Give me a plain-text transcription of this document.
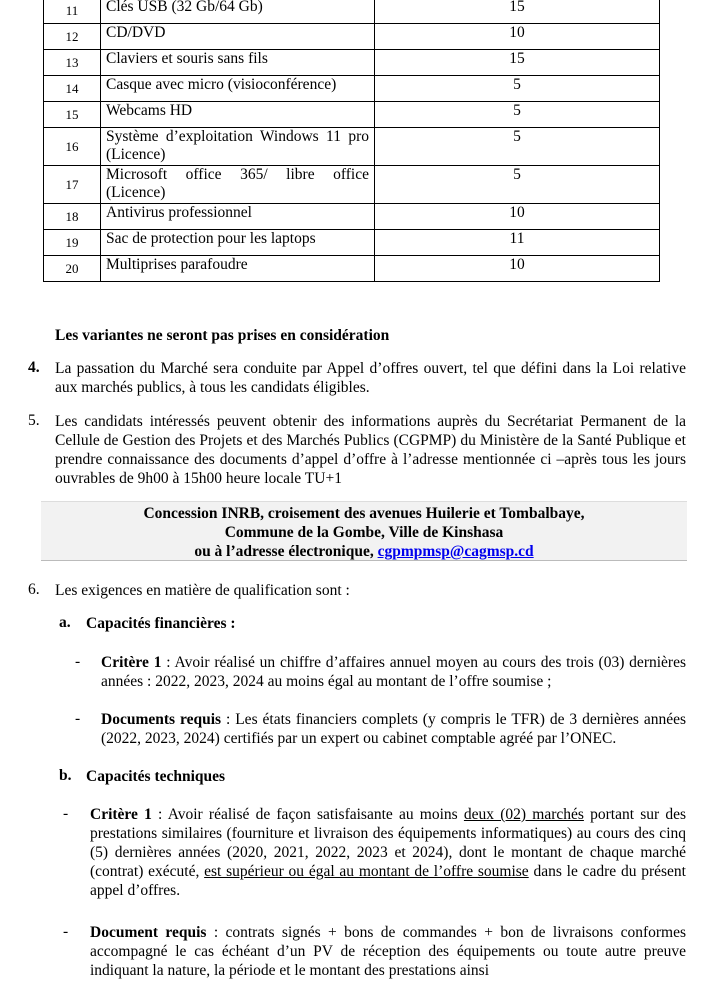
11	Clés USB (32 Gb/64 Gb)	15
12	CD/DVD	10
13	Claviers et souris sans fils	15
14	Casque avec micro (visioconférence)	5
15	Webcams HD	5
16	Système d’exploitation Windows 11 pro (Licence)	5
17	Microsoft office 365/ libre office (Licence)	5
18	Antivirus professionnel	10
19	Sac de protection pour les laptops	11
20	Multiprises parafoudre	10
Les variantes ne seront pas prises en considération
4. La passation du Marché sera conduite par Appel d’offres ouvert, tel que défini dans la Loi relative aux marchés publics, à tous les candidats éligibles.
5. Les candidats intéressés peuvent obtenir des informations auprès du Secrétariat Permanent de la Cellule de Gestion des Projets et des Marchés Publics (CGPMP) du Ministère de la Santé Publique et prendre connaissance des documents d’appel d’offre à l’adresse mentionnée ci –après tous les jours ouvrables de 9h00 à 15h00 heure locale TU+1
Concession INRB, croisement des avenues Huilerie et Tombalbaye,
Commune de la Gombe, Ville de Kinshasa
ou à l’adresse électronique, cgpmpmsp@cagmsp.cd
6. Les exigences en matière de qualification sont :
a. Capacités financières :
- Critère 1 : Avoir réalisé un chiffre d’affaires annuel moyen au cours des trois (03) dernières années : 2022, 2023, 2024 au moins égal au montant de l’offre soumise ;
- Documents requis : Les états financiers complets (y compris le TFR) de 3 dernières années (2022, 2023, 2024) certifiés par un expert ou cabinet comptable agréé par l’ONEC.
b. Capacités techniques
- Critère 1 : Avoir réalisé de façon satisfaisante au moins deux (02) marchés portant sur des prestations similaires (fourniture et livraison des équipements informatiques) au cours des cinq (5) dernières années (2020, 2021, 2022, 2023 et 2024), dont le montant de chaque marché (contrat) exécuté, est supérieur ou égal au montant de l’offre soumise dans le cadre du présent appel d’offres.
- Document requis : contrats signés + bons de commandes + bon de livraisons conformes accompagné le cas échéant d’un PV de réception des équipements ou toute autre preuve indiquant la nature, la période et le montant des prestations ainsi
